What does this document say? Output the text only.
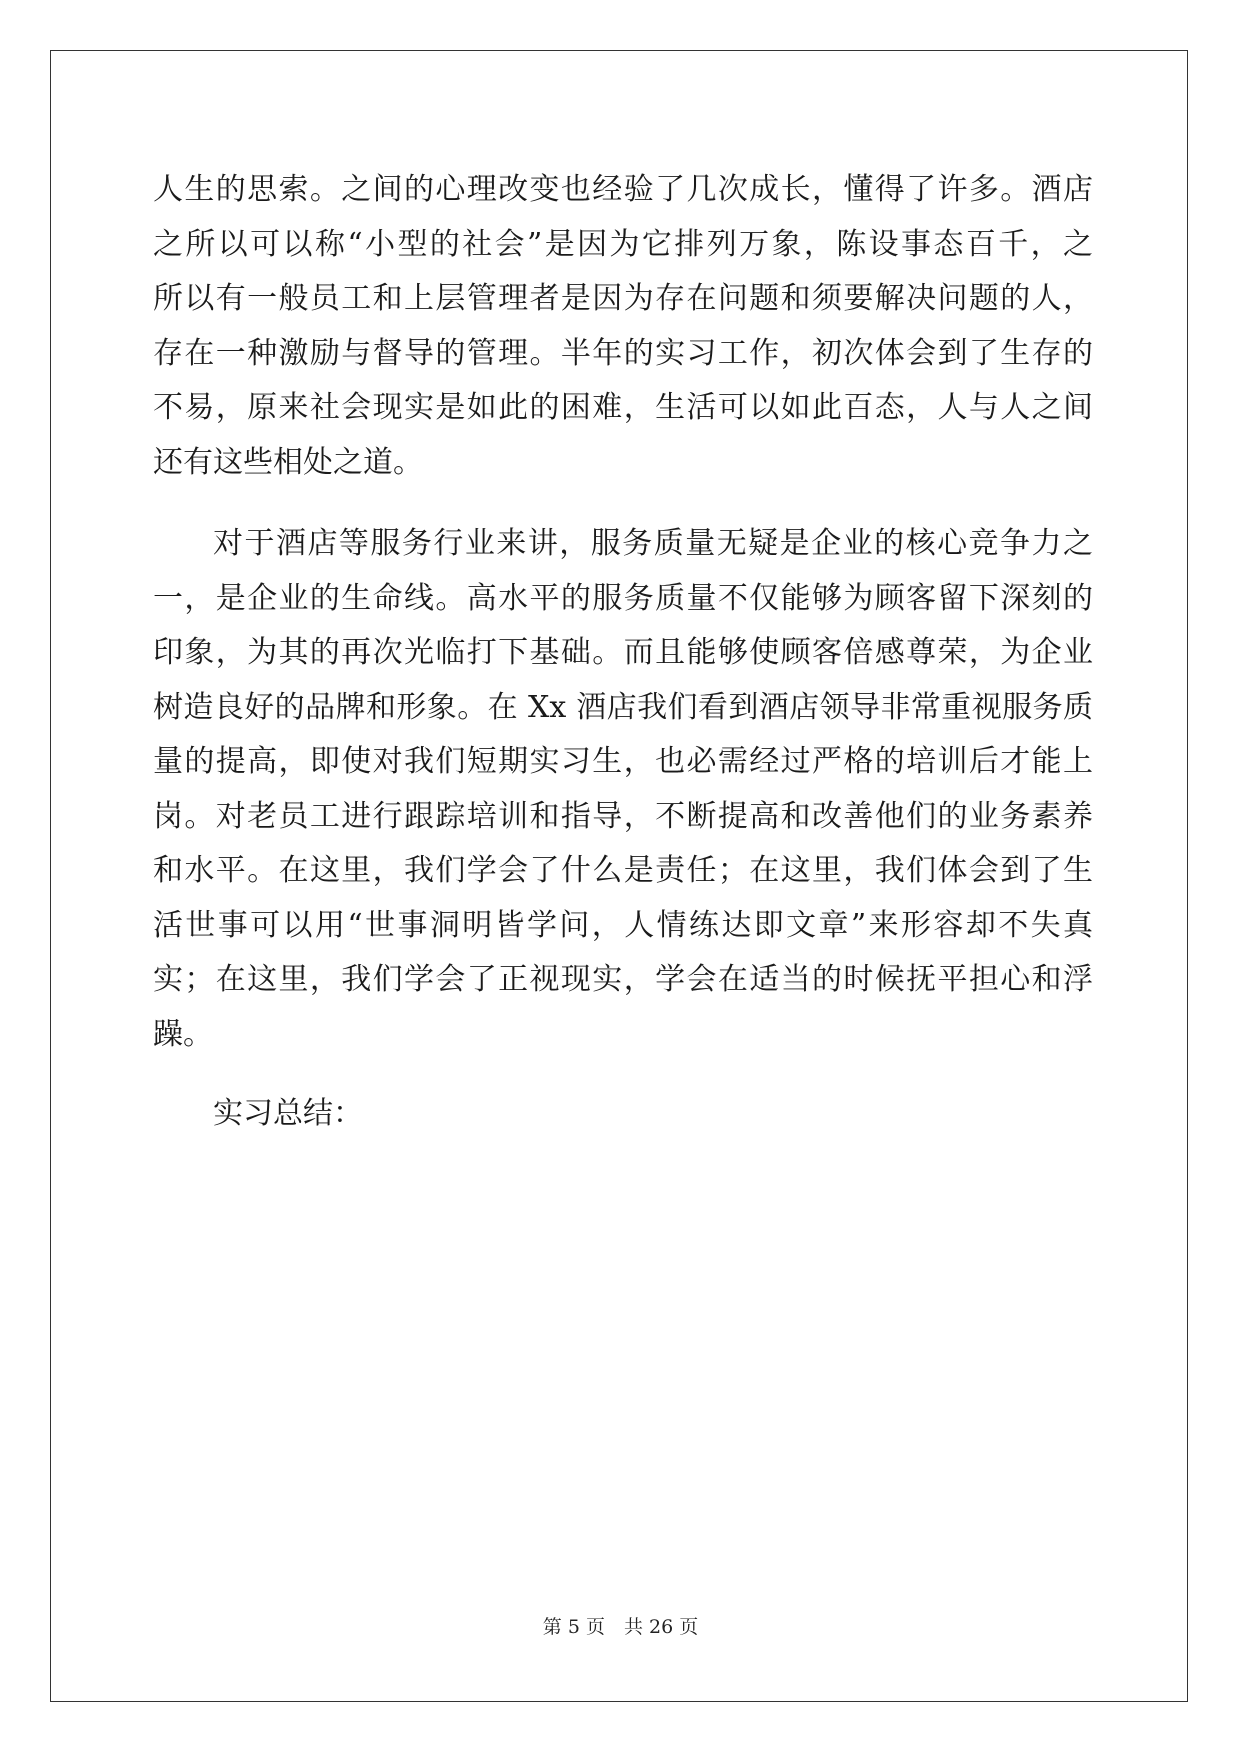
人生的思索。之间的心理改变也经验了几次成长，懂得了许多。酒店
之所以可以称“小型的社会”是因为它排列万象，陈设事态百千，之
所以有一般员工和上层管理者是因为存在问题和须要解决问题的人，
存在一种激励与督导的管理。半年的实习工作，初次体会到了生存的
不易，原来社会现实是如此的困难，生活可以如此百态，人与人之间
还有这些相处之道。
对于酒店等服务行业来讲，服务质量无疑是企业的核心竞争力之
一，是企业的生命线。高水平的服务质量不仅能够为顾客留下深刻的
印象，为其的再次光临打下基础。而且能够使顾客倍感尊荣，为企业
树造良好的品牌和形象。在 Xx 酒店我们看到酒店领导非常重视服务质
量的提高，即使对我们短期实习生，也必需经过严格的培训后才能上
岗。对老员工进行跟踪培训和指导，不断提高和改善他们的业务素养
和水平。在这里，我们学会了什么是责任；在这里，我们体会到了生
活世事可以用“世事洞明皆学问，人情练达即文章”来形容却不失真
实；在这里，我们学会了正视现实，学会在适当的时候抚平担心和浮
躁。
实习总结：
第 5 页　共 26 页
